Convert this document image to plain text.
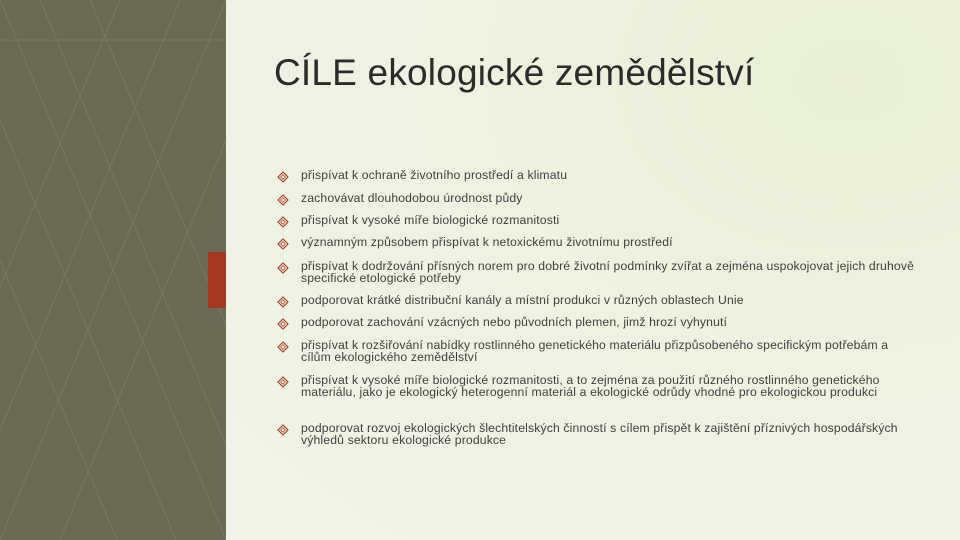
CÍLE ekologické zemědělství
přispívat k ochraně životního prostředí a klimatu
zachovávat dlouhodobou úrodnost půdy
přispívat k vysoké míře biologické rozmanitosti
významným způsobem přispívat k netoxickému životnímu prostředí
přispívat k dodržování přísných norem pro dobré životní podmínky zvířat a zejména uspokojovat jejich druhově specifické etologické potřeby
podporovat krátké distribuční kanály a místní produkci v různých oblastech Unie
podporovat zachování vzácných nebo původních plemen, jimž hrozí vyhynutí
přispívat k rozšiřování nabídky rostlinného genetického materiálu přizpůsobeného specifickým potřebám a cílům ekologického zemědělství
přispívat k vysoké míře biologické rozmanitosti, a to zejména za použití různého rostlinného genetického materiálu, jako je ekologický heterogenní materiál a ekologické odrůdy vhodné pro ekologickou produkci
podporovat rozvoj ekologických šlechtitelských činností s cílem přispět k zajištění příznivých hospodářských výhledů sektoru ekologické produkce
